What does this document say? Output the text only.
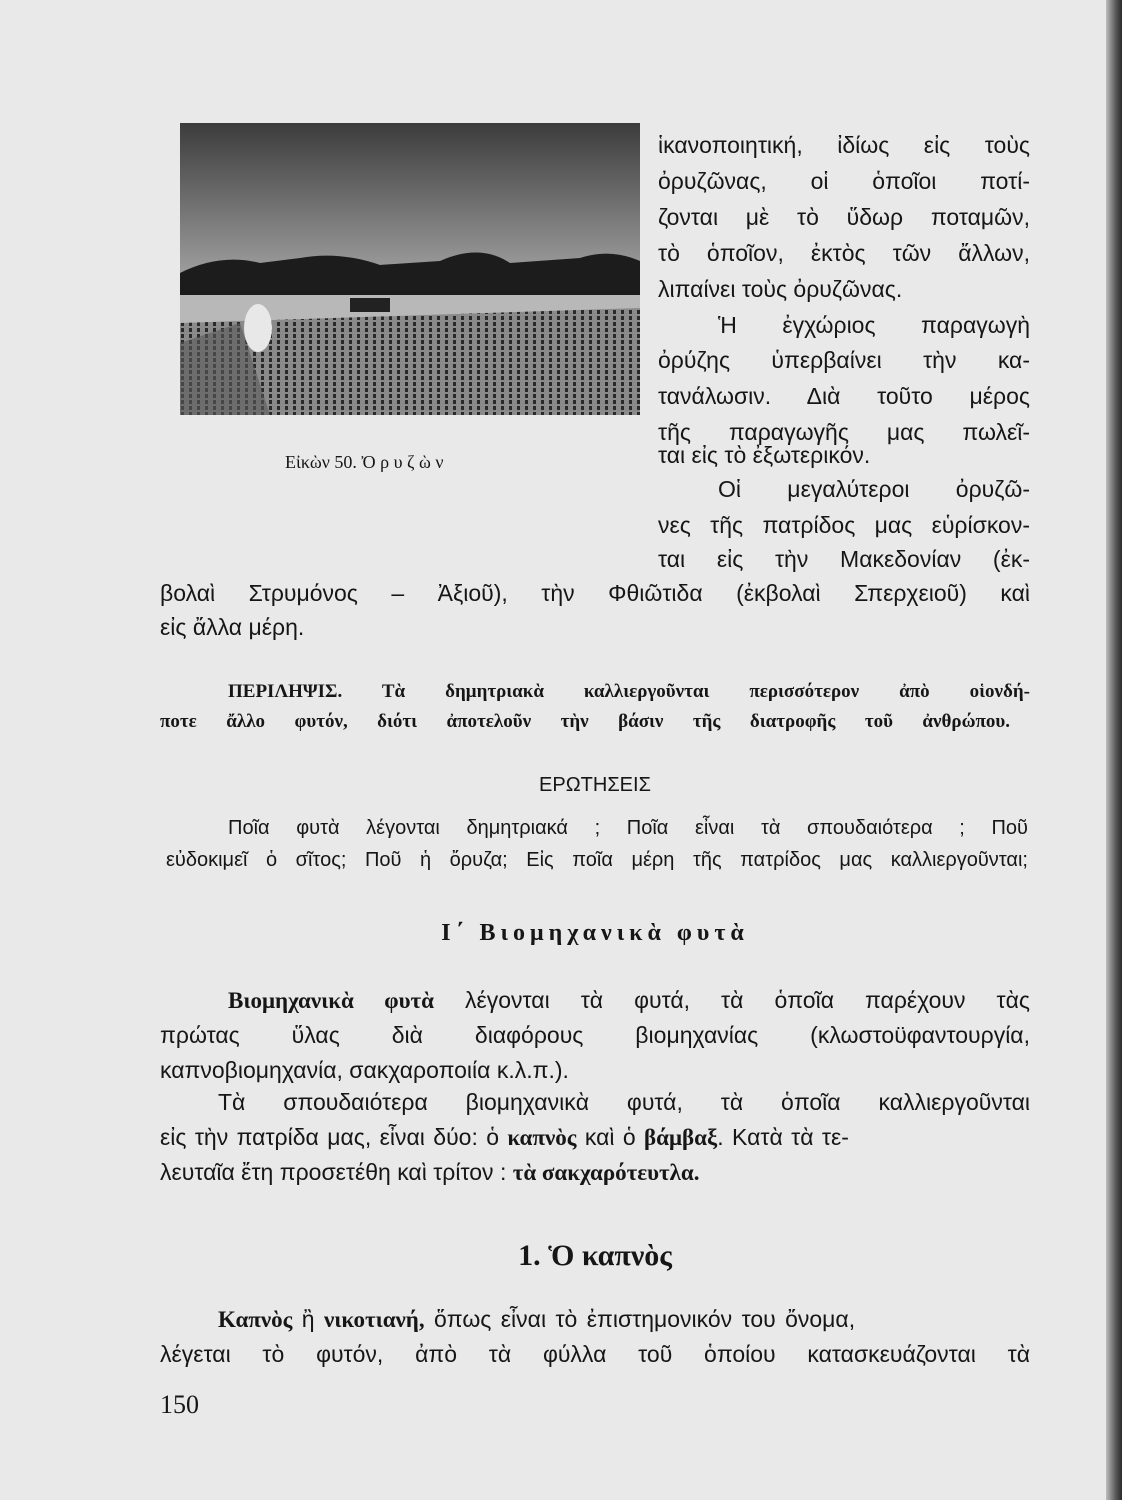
Εἰκὼν 50. Ὀ ρ υ ζ ὼ ν
ἱκανοποιητική, ἰδίως εἰς τοὺς
ὀρυζῶνας, οἱ ὁποῖοι ποτί-
ζονται μὲ τὸ ὕδωρ ποταμῶν,
τὸ ὁποῖον, ἐκτὸς τῶν ἄλλων,
λιπαίνει τοὺς ὀρυζῶνας.
Ἡ ἐγχώριος παραγωγὴ
ὀρύζης ὑπερβαίνει τὴν κα-
τανάλωσιν. Διὰ τοῦτο μέρος
τῆς παραγωγῆς μας πωλεῖ-
ται εἰς τὸ ἐξωτερικόν.
Οἱ μεγαλύτεροι ὀρυζῶ-
νες τῆς πατρίδος μας εὑρίσκον-
ται εἰς τὴν Μακεδονίαν (ἐκ-
βολαὶ Στρυμόνος – Ἀξιοῦ), τὴν Φθιῶτιδα (ἐκβολαὶ Σπερχειοῦ) καὶ
εἰς ἄλλα μέρη.
ΠΕΡΙΛΗΨΙΣ. Τὰ δημητριακὰ καλλιεργοῦνται περισσότερον ἀπὸ οἱονδή-
ποτε ἄλλο φυτόν, διότι ἀποτελοῦν τὴν βάσιν τῆς διατροφῆς τοῦ ἀνθρώπου.
ΕΡΩΤΗΣΕΙΣ
Ποῖα φυτὰ λέγονται δημητριακά ; Ποῖα εἶναι τὰ σπουδαιότερα ; Ποῦ
εὐδοκιμεῖ ὁ σῖτος; Ποῦ ἡ ὄρυζα; Εἰς ποῖα μέρη τῆς πατρίδος μας καλλιεργοῦνται;
Ι΄ Βιομηχανικὰ φυτὰ
Βιομηχανικὰ φυτὰ λέγονται τὰ φυτά, τὰ ὁποῖα παρέχουν τὰς
πρώτας ὕλας διὰ διαφόρους βιομηχανίας (κλωστοϋφαντουργία,
καπνοβιομηχανία, σακχαροποιία κ.λ.π.).
Τὰ σπουδαιότερα βιομηχανικὰ φυτά, τὰ ὁποῖα καλλιεργοῦνται
εἰς τὴν πατρίδα μας, εἶναι δύο: ὁ καπνὸς καὶ ὁ βάμβαξ. Κατὰ τὰ τε-
λευταῖα ἔτη προσετέθη καὶ τρίτον : τὰ σακχαρότευτλα.
1. Ὁ καπνὸς
Καπνὸς ἢ νικοτιανή, ὅπως εἶναι τὸ ἐπιστημονικόν του ὄνομα,
λέγεται τὸ φυτόν, ἀπὸ τὰ φύλλα τοῦ ὁποίου κατασκευάζονται τὰ
150
